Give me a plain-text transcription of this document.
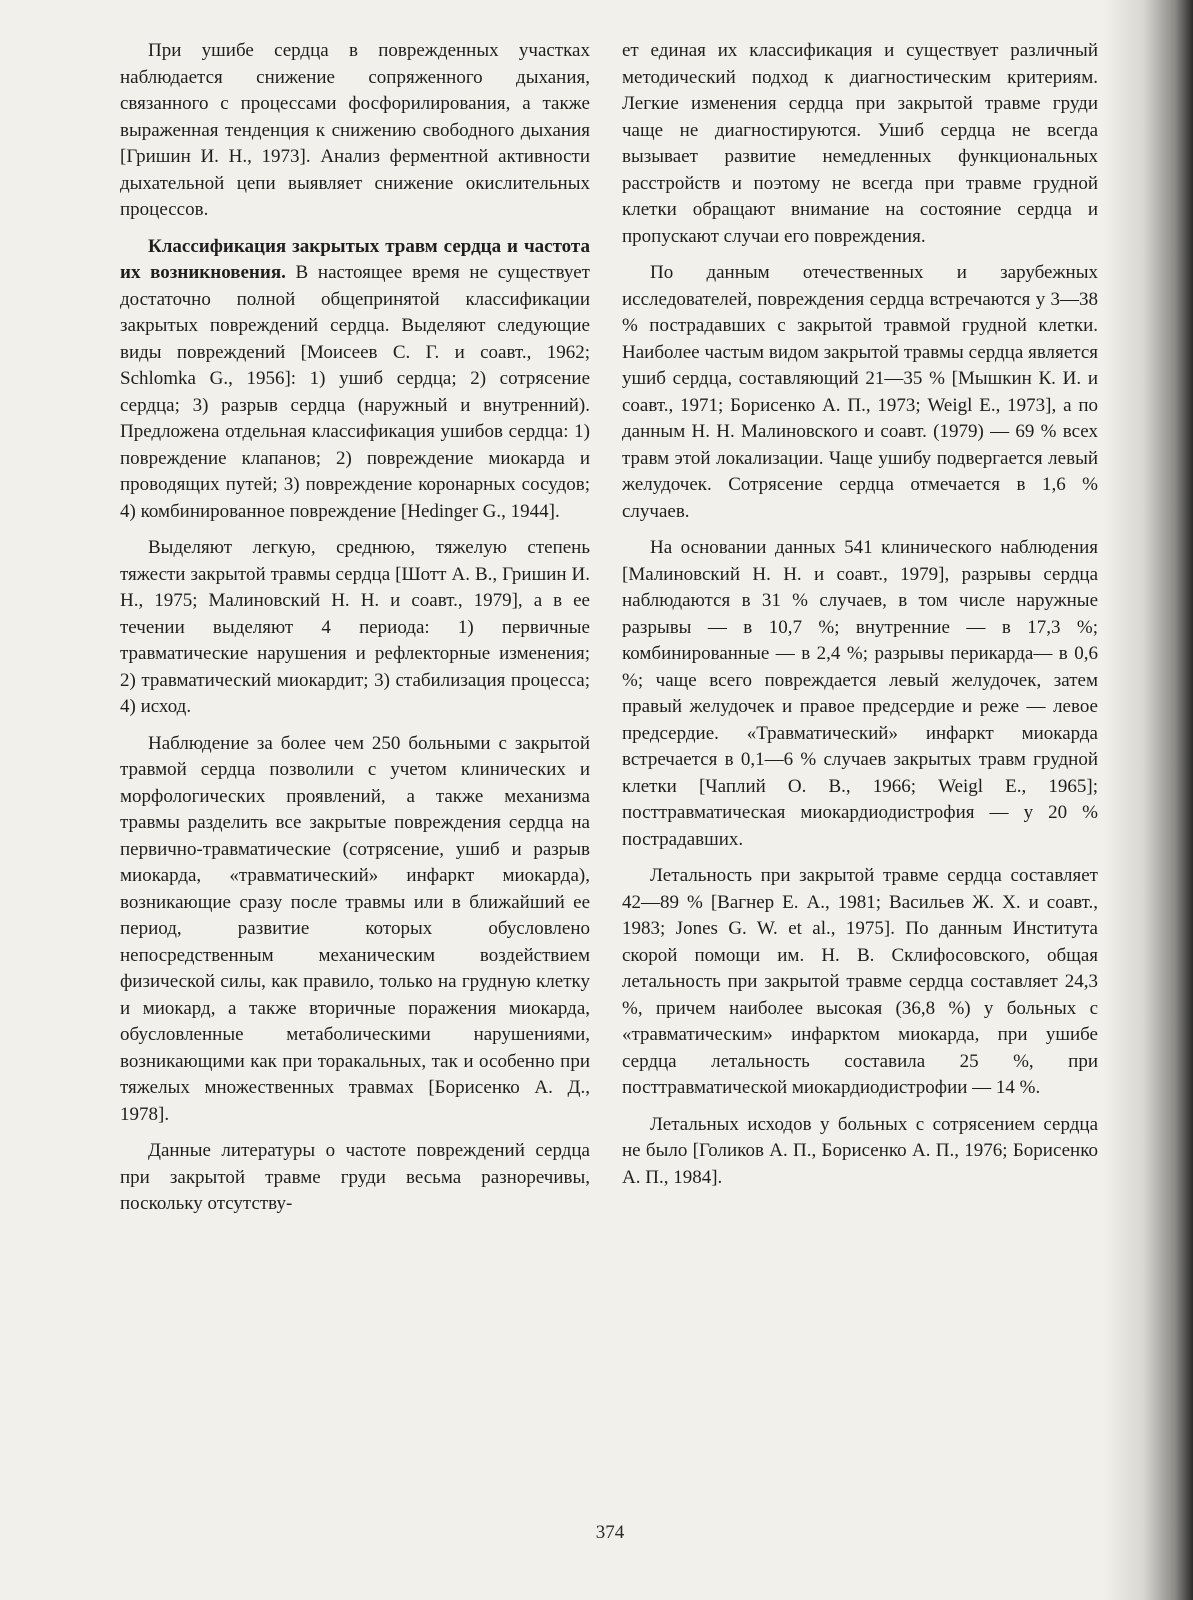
При ушибе сердца в поврежденных участках наблюдается снижение сопряженного дыхания, связанного с процессами фосфорилирования, а также выраженная тенденция к снижению свободного дыхания [Гришин И. Н., 1973]. Анализ ферментной активности дыхательной цепи выявляет снижение окислительных процессов.

Классификация закрытых травм сердца и частота их возникновения. В настоящее время не существует достаточно полной общепринятой классификации закрытых повреждений сердца. Выделяют следующие виды повреждений [Моисеев С. Г. и соавт., 1962; Schlomka G., 1956]: 1) ушиб сердца; 2) сотрясение сердца; 3) разрыв сердца (наружный и внутренний). Предложена отдельная классификация ушибов сердца: 1) повреждение клапанов; 2) повреждение миокарда и проводящих путей; 3) повреждение коронарных сосудов; 4) комбинированное повреждение [Hedinger G., 1944].

Выделяют легкую, среднюю, тяжелую степень тяжести закрытой травмы сердца [Шотт А. В., Гришин И. Н., 1975; Малиновский Н. Н. и соавт., 1979], а в ее течении выделяют 4 периода: 1) первичные травматические нарушения и рефлекторные изменения; 2) травматический миокардит; 3) стабилизация процесса; 4) исход.

Наблюдение за более чем 250 больными с закрытой травмой сердца позволили с учетом клинических и морфологических проявлений, а также механизма травмы разделить все закрытые повреждения сердца на первично-травматические (сотрясение, ушиб и разрыв миокарда, «травматический» инфаркт миокарда), возникающие сразу после травмы или в ближайший ее период, развитие которых обусловлено непосредственным механическим воздействием физической силы, как правило, только на грудную клетку и миокард, а также вторичные поражения миокарда, обусловленные метаболическими нарушениями, возникающими как при торакальных, так и особенно при тяжелых множественных травмах [Борисенко А. Д., 1978].

Данные литературы о частоте повреждений сердца при закрытой травме груди весьма разноречивы, поскольку отсутству-

ет единая их классификация и существует различный методический подход к диагностическим критериям. Легкие изменения сердца при закрытой травме груди чаще не диагностируются. Ушиб сердца не всегда вызывает развитие немедленных функциональных расстройств и поэтому не всегда при травме грудной клетки обращают внимание на состояние сердца и пропускают случаи его повреждения.

По данным отечественных и зарубежных исследователей, повреждения сердца встречаются у 3—38 % пострадавших с закрытой травмой грудной клетки. Наиболее частым видом закрытой травмы сердца является ушиб сердца, составляющий 21—35 % [Мышкин К. И. и соавт., 1971; Борисенко А. П., 1973; Weigl E., 1973], а по данным Н. Н. Малиновского и соавт. (1979) — 69 % всех травм этой локализации. Чаще ушибу подвергается левый желудочек. Сотрясение сердца отмечается в 1,6 % случаев.

На основании данных 541 клинического наблюдения [Малиновский Н. Н. и соавт., 1979], разрывы сердца наблюдаются в 31 % случаев, в том числе наружные разрывы — в 10,7 %; внутренние — в 17,3 %; комбинированные — в 2,4 %; разрывы перикарда— в 0,6 %; чаще всего повреждается левый желудочек, затем правый желудочек и правое предсердие и реже — левое предсердие. «Травматический» инфаркт миокарда встречается в 0,1—6 % случаев закрытых травм грудной клетки [Чаплий О. В., 1966; Weigl E., 1965]; посттравматическая миокардиодистрофия — у 20 % пострадавших.

Летальность при закрытой травме сердца составляет 42—89 % [Вагнер Е. А., 1981; Васильев Ж. Х. и соавт., 1983; Jones G. W. et al., 1975]. По данным Института скорой помощи им. Н. В. Склифосовского, общая летальность при закрытой травме сердца составляет 24,3 %, причем наиболее высокая (36,8 %) у больных с «травматическим» инфарктом миокарда, при ушибе сердца летальность составила 25 %, при посттравматической миокардиодистрофии — 14 %.

Летальных исходов у больных с сотрясением сердца не было [Голиков А. П., Борисенко А. П., 1976; Борисенко А. П., 1984].

374
